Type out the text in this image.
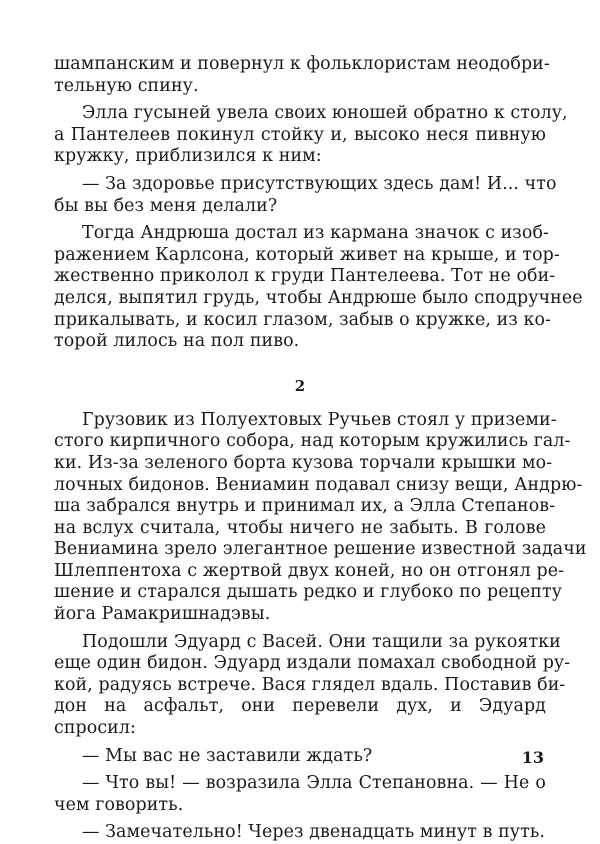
шампанским и повернул к фольклористам неодобри-
тельную спину.
Элла гусыней увела своих юношей обратно к столу,
а Пантелеев покинул стойку и, высоко неся пивную
кружку, приблизился к ним:
— За здоровье присутствующих здесь дам! И... что
бы вы без меня делали?
Тогда Андрюша достал из кармана значок с изоб-
ражением Карлсона, который живет на крыше, и тор-
жественно приколол к груди Пантелеева. Тот не оби-
делся, выпятил грудь, чтобы Андрюше было сподручнее
прикалывать, и косил глазом, забыв о кружке, из ко-
торой лилось на пол пиво.
2
Грузовик из Полуехтовых Ручьев стоял у приземи-
стого кирпичного собора, над которым кружились гал-
ки. Из-за зеленого борта кузова торчали крышки мо-
лочных бидонов. Вениамин подавал снизу вещи, Андрю-
ша забрался внутрь и принимал их, а Элла Степанов-
на вслух считала, чтобы ничего не забыть. В голове
Вениамина зрело элегантное решение известной задачи
Шлеппентоха с жертвой двух коней, но он отгонял ре-
шение и старался дышать редко и глубоко по рецепту
йога Рамакришнадэвы.
Подошли Эдуард с Васей. Они тащили за рукоятки
еще один бидон. Эдуард издали помахал свободной ру-
кой, радуясь встрече. Вася глядел вдаль. Поставив би-
дон на асфальт, они перевели дух, и Эдуард
спросил:
— Мы вас не заставили ждать?
— Что вы! — возразила Элла Степановна. — Не о
чем говорить.
— Замечательно! Через двенадцать минут в путь.
13
